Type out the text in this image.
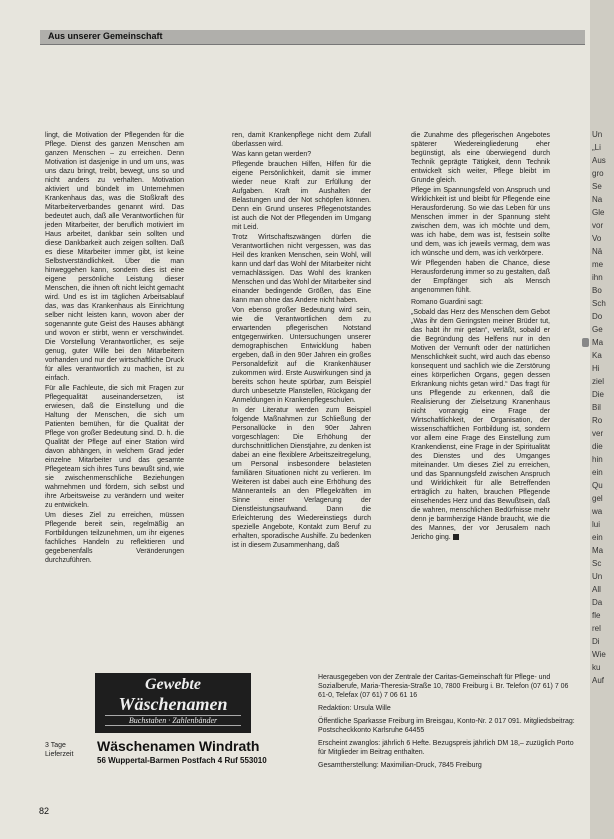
Aus unserer Gemeinschaft

lingt, die Motivation der Pflegenden für die Pflege. Dienst des ganzen Menschen am ganzen Menschen – zu erreichen. Denn Motivation ist dasjenige in und um uns, was uns dazu bringt, treibt, bewegt, uns so und nicht anders zu verhalten. Motivation aktiviert und bündelt im Unternehmen Krankenhaus das, was die Stoßkraft des Mitarbeiterverbandes genannt wird. Das bedeutet auch, daß alle Verantwortlichen für jeden Mitarbeiter, der beruflich motiviert im Haus arbeitet, dankbar sein sollten und diese Dankbarkeit auch zeigen sollten. Daß es diese Mitarbeiter immer gibt, ist keine Selbstverständlichkeit. Über die man hinweggehen kann, sondern dies ist eine eigene persönliche Leistung dieser Menschen, die ihnen oft nicht leicht gemacht wird. Und es ist im täglichen Arbeitsablauf das, was das Krankenhaus als Einrichtung selber nicht leisten kann, wovon aber der sogenannte gute Geist des Hauses abhängt und wovon er stirbt, wenn er verschwindet. Die Vorstellung Verantwortlicher, es seije genug, guter Wille bei den Mitarbeitern vorhanden und nur der wirtschaftliche Druck für alles verantwortlich zu machen, ist zu einfach.

Für alle Fachleute, die sich mit Fragen zur Pflegequalität auseinandersetzen, ist erwiesen, daß die Einstellung und die Haltung der Menschen, die sich um Patienten bemühen, für die Qualität der Pflege von großer Bedeutung sind. D. h. die Qualität der Pflege auf einer Station wird davon abhängen, in welchem Grad jeder einzelne Mitarbeiter und das gesamte Pflegeteam sich ihres Tuns bewußt sind, wie sie zwischenmenschliche Beziehungen wahrnehmen und fördern, sich selbst und ihre Arbeitsweise zu verändern und weiter zu entwickeln.

Um dieses Ziel zu erreichen, müssen Pflegende bereit sein, regelmäßig an Fortbildungen teilzunehmen, um ihr eigenes fachliches Handeln zu reflektieren und gegebenenfalls Veränderungen durchzuführen.

ren, damit Krankenpflege nicht dem Zufall überlassen wird.

Was kann getan werden?

Pflegende brauchen Hilfen, Hilfen für die eigene Persönlichkeit, damit sie immer wieder neue Kraft zur Erfüllung der Aufgaben. Kraft im Aushalten der Belastungen und der Not schöpfen können. Denn ein Grund unseres Pflegenotstandes ist auch die Not der Pflegenden im Umgang mit Leid.

Trotz Wirtschaftszwängen dürfen die Verantwortlichen nicht vergessen, was das Heil des kranken Menschen, sein Wohl, will kann und darf das Wohl der Mitarbeiter nicht vernachlässigen. Das Wohl des kranken Menschen und das Wohl der Mitarbeiter sind einander bedingende Größen, das Eine kann man ohne das Andere nicht haben.

Von ebenso großer Bedeutung wird sein, wie die Verantwortlichen dem zu erwartenden pflegerischen Notstand entgegenwirken. Untersuchungen unserer demographischen Entwicklung haben ergeben, daß in den 90er Jahren ein großes Personaldefizit auf die Krankenhäuser zukommen wird. Erste Auswirkungen sind ja bereits schon heute spürbar, zum Beispiel durch unbesetzte Planstellen, Rückgang der Anmeldungen in Krankenpflegeschulen.

In der Literatur werden zum Beispiel folgende Maßnahmen zur Schließung der Personallücke in den 90er Jahren vorgeschlagen: Die Erhöhung der durchschnittlichen Dienstjahre, zu denken ist dabei an eine flexiblere Arbeitszeitregelung, um Personal insbesondere belasteten familiären Situationen nicht zu verlieren. Im Weiteren ist dabei auch eine Erhöhung des Männeranteils an den Pflegekräften im Sinne einer Verlagerung der Dienstleistungsaufwand. Dann die Erleichterung des Wiedereinstiegs durch spezielle Angebote, Kontakt zum Beruf zu erhalten, sporadische Aushilfe. Zu bedenken ist in diesem Zusammenhang, daß

die Zunahme des pflegerischen Angebotes späterer Wiedereingliederung eher begünstigt, als eine überwiegend durch Technik geprägte Tätigkeit, denn Technik entwickelt sich weiter, Pflege bleibt im Grunde gleich.

Pflege im Spannungsfeld von Anspruch und Wirklichkeit ist und bleibt für Pflegende eine Herausforderung. So wie das Leben für uns Menschen immer in der Spannung steht zwischen dem, was ich möchte und dem, was ich habe, dem was ist, festsein sollte und dem, was ich jeweils vermag, dem was ich wünsche und dem, was ich verkörpere.

Wir Pflegenden haben die Chance, diese Herausforderung immer so zu gestalten, daß der Empfänger sich als Mensch angenommen fühlt.

Romano Guardini sagt:

„Sobald das Herz des Menschen dem Gebot „Was ihr dem Geringsten meiner Brüder tut, das habt ihr mir getan“, verläßt, sobald er die Begründung des Helfens nur in den Motiven der Vernunft oder der natürlichen Menschlichkeit sucht, wird auch das ebenso konsequent und sachlich wie die Zerstörung eines körperlichen Organs, gegen dessen Erkrankung nichts getan wird.“ Das fragt für uns Pflegende zu erkennen, daß die Realisierung der Zielsetzung Kranenhaus nicht vorrangig eine Frage der Wirtschaftlichkeit, der Organisation, der wissenschaftlichen Fortbildung ist, sondern vor allem eine Frage des Einstellung zum Krankendienst, eine Frage in der Spiritualität des Dienstes und des Umganges miteinander. Um dieses Ziel zu erreichen, und das Spannungsfeld zwischen Anspruch und Wirklichkeit für alle Betreffenden erträglich zu halten, brauchen Pflegende einsehendes Herz und das Bewußtsein, daß die wahren, menschlichen Bedürfnisse mehr denn je barmherzige Hände braucht, wie die des Mannes, der vor Jerusalem nach Jericho ging.

Gewebte
Wäschenamen
Buchstaben · Zahlenbänder
3 Tage Lieferzeit
Wäschenamen Windrath
56 Wuppertal-Barmen Postfach 4 Ruf 553010

Herausgegeben von der Zentrale der Caritas-Gemeinschaft für Pflege- und Sozialberufe, Maria-Theresia-Straße 10, 7800 Freiburg i. Br. Telefon (07 61) 7 06 61-0, Telefax (07 61) 7 06 61 16

Redaktion: Ursula Wille

Öffentliche Sparkasse Freiburg im Breisgau, Konto-Nr. 2 017 091. Mitgliedsbeitrag: Postscheckkonto Karlsruhe 64455

Erscheint zwanglos: jährlich 6 Hefte. Bezugspreis jährlich DM 18,– zuzüglich Porto für Mitglieder im Beitrag enthalten.

Gesamtherstellung: Maximilian-Druck, 7845 Freiburg

82
Un
„Li
Aus
gro
Se
Na
Gle
vor
Vo
Nä
me
ihn
Bo
Sch
Do
Ge
Ma
Ka
Hi
ziel
Die
Bil
Ro
ver
die
hin
ein
Qu
gel
wa
lui
ein
Ma
Sc
Un
All
Da
fle
rel
Di
Wie
ku
Auf
